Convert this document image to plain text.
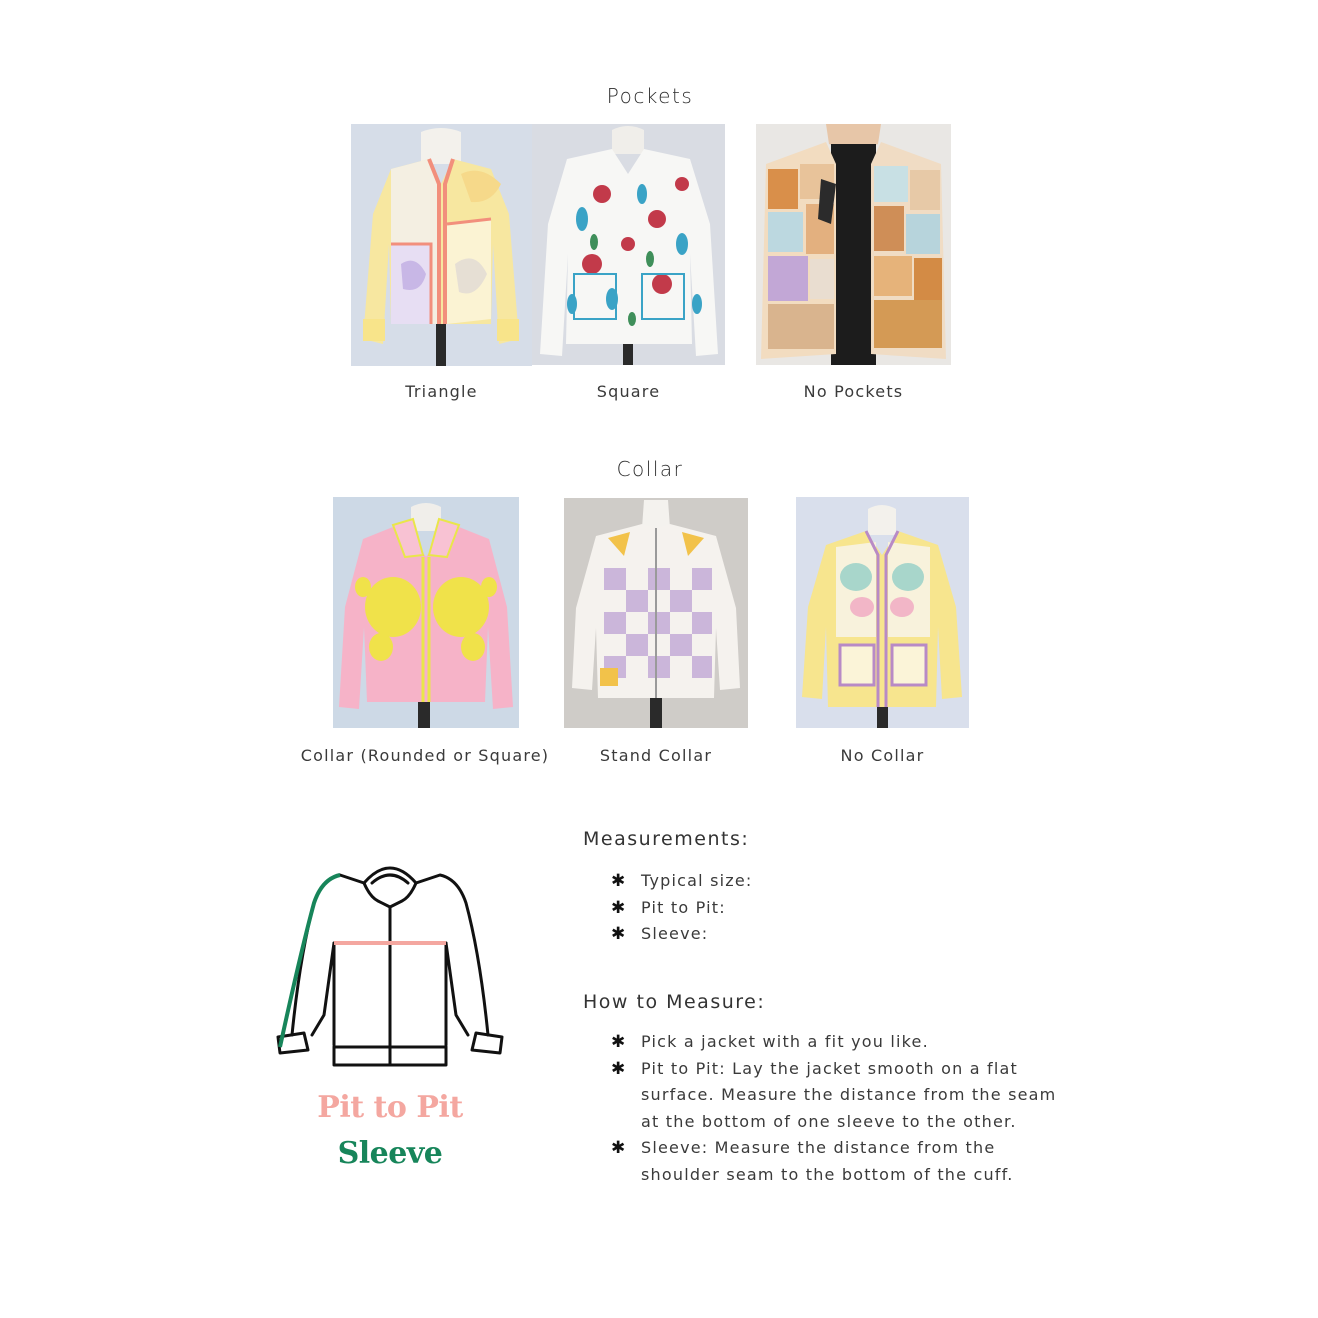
Pockets
Triangle	Square	No Pockets
Collar
Collar (Rounded or Square)	Stand Collar	No Collar
Pit to Pit
Sleeve
Measurements:
✱ Typical size:
✱ Pit to Pit:
✱ Sleeve:
How to Measure:
✱ Pick a jacket with a fit you like.
✱ Pit to Pit: Lay the jacket smooth on a flat surface. Measure the distance from the seam at the bottom of one sleeve to the other.
✱ Sleeve: Measure the distance from the shoulder seam to the bottom of the cuff.
